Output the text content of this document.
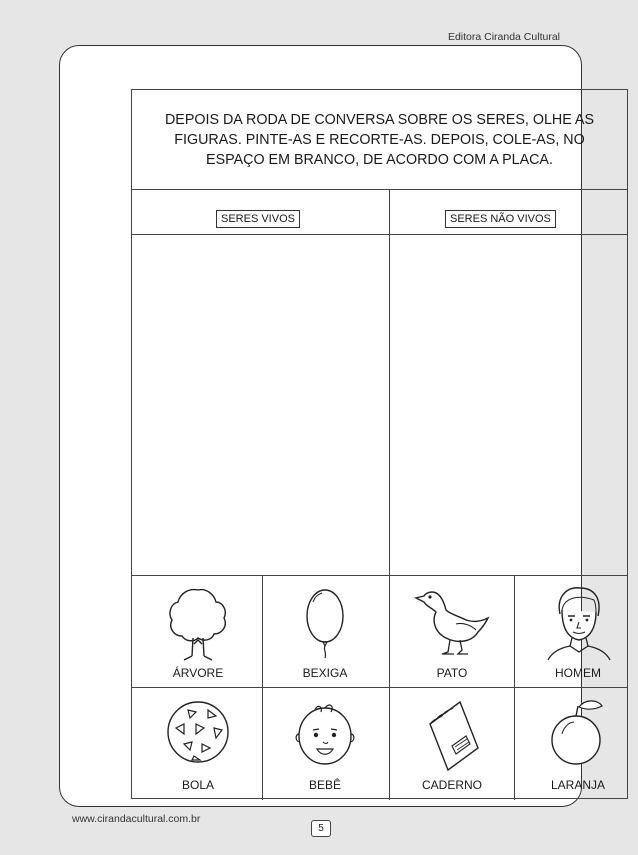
Editora Ciranda Cultural
DEPOIS DA RODA DE CONVERSA SOBRE OS SERES, OLHE AS FIGURAS. PINTE-AS E RECORTE-AS. DEPOIS, COLE-AS, NO ESPAÇO EM BRANCO, DE ACORDO COM A PLACA.
SERES VIVOS	SERES NÃO VIVOS
ÁRVORE	BEXIGA	PATO	HOMEM
BOLA	BEBÊ	CADERNO	LARANJA
www.cirandacultural.com.br
5
